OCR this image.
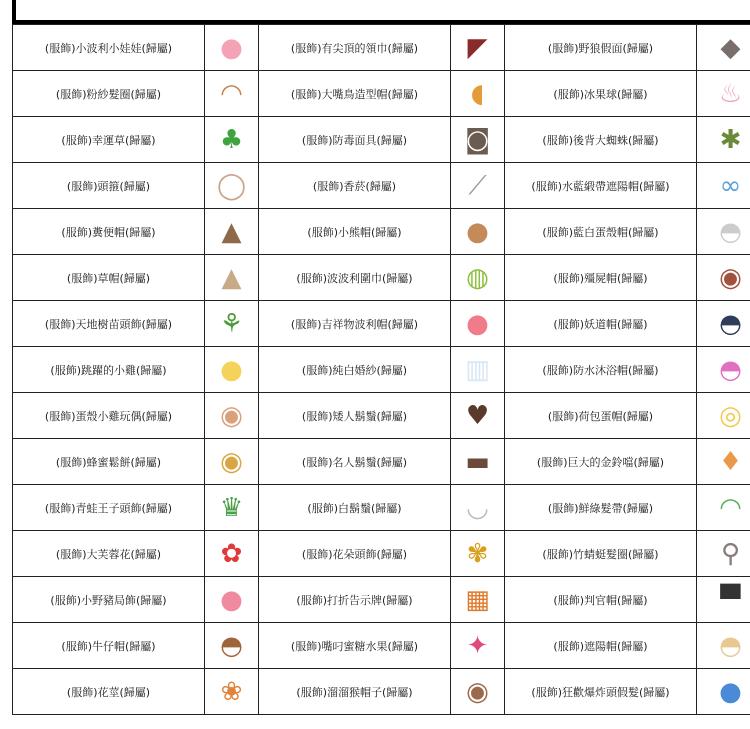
(服飾)小波利小娃娃(歸屬)	●	(服飾)有尖頂的領巾(歸屬)	◤	(服飾)野狼假面(歸屬)	◆
(服飾)粉紗髮圈(歸屬)	◠	(服飾)大嘴鳥造型帽(歸屬)	◖	(服飾)冰果球(歸屬)	♨
(服飾)幸運草(歸屬)	♣	(服飾)防毒面具(歸屬)	◙	(服飾)後背大蜘蛛(歸屬)	✱
(服飾)頭箍(歸屬)	◯	(服飾)香菸(歸屬)	⟋	(服飾)水藍緞帶遮陽帽(歸屬)	∞
(服飾)糞便帽(歸屬)	▲	(服飾)小熊帽(歸屬)	●	(服飾)藍白蛋殼帽(歸屬)	◓
(服飾)草帽(歸屬)	▲	(服飾)波波利圍巾(歸屬)	◍	(服飾)殭屍帽(歸屬)	◉
(服飾)天地樹苗頭飾(歸屬)	⚘	(服飾)吉祥物波利帽(歸屬)	●	(服飾)妖道帽(歸屬)	◓
(服飾)跳躍的小雞(歸屬)	●	(服飾)純白婚紗(歸屬)	▥	(服飾)防水沐浴帽(歸屬)	◓
(服飾)蛋殼小雞玩偶(歸屬)	◉	(服飾)矮人鬍鬚(歸屬)	♥	(服飾)荷包蛋帽(歸屬)	◎
(服飾)蜂蜜鬆餅(歸屬)	◉	(服飾)名人鬍鬚(歸屬)	▬	(服飾)巨大的金鈴噹(歸屬)	♦
(服飾)青蛙王子頭飾(歸屬)	♛	(服飾)白鬍鬚(歸屬)	◡	(服飾)鮮綠髮帶(歸屬)	◠
(服飾)大芙蓉花(歸屬)	✿	(服飾)花朵頭飾(歸屬)	✾	(服飾)竹蜻蜓髮圈(歸屬)	⚲
(服飾)小野豬局飾(歸屬)	●	(服飾)打折告示牌(歸屬)	▦	(服飾)判官帽(歸屬)	▀
(服飾)牛仔帽(歸屬)	◓	(服飾)嘴叼蜜糖水果(歸屬)	✦	(服飾)遮陽帽(歸屬)	◓
(服飾)花莖(歸屬)	❀	(服飾)溜溜猴帽子(歸屬)	◉	(服飾)狂歡爆炸頭假髮(歸屬)	●
